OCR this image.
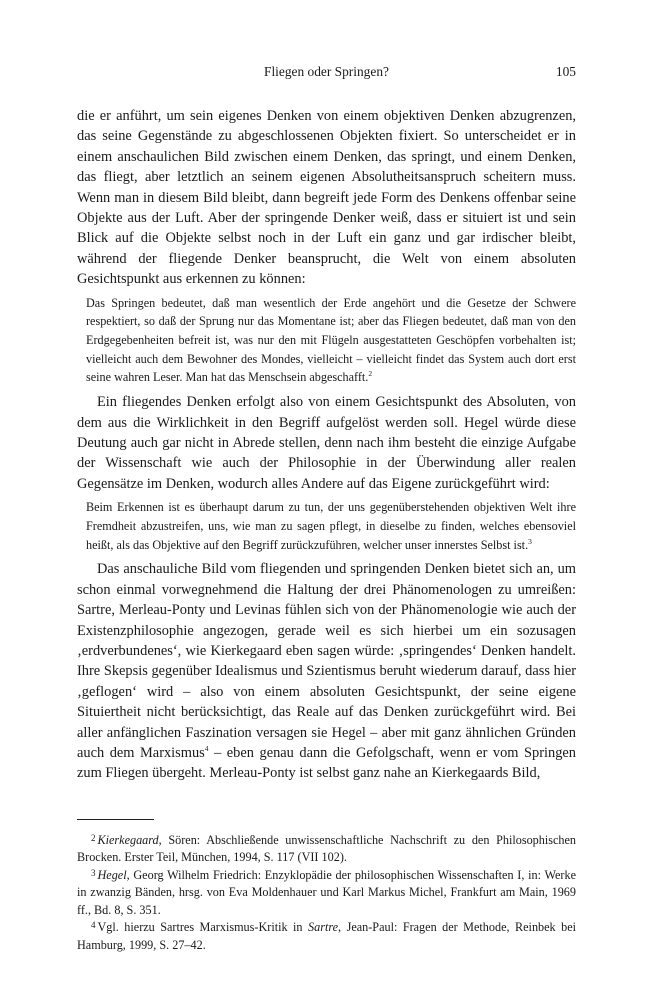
Fliegen oder Springen?	105

die er anführt, um sein eigenes Denken von einem objektiven Denken abzugrenzen, das seine Gegenstände zu abgeschlossenen Objekten fixiert. So unterscheidet er in einem anschaulichen Bild zwischen einem Denken, das springt, und einem Denken, das fliegt, aber letztlich an seinem eigenen Absolutheitsanspruch scheitern muss. Wenn man in diesem Bild bleibt, dann begreift jede Form des Denkens offenbar seine Objekte aus der Luft. Aber der springende Denker weiß, dass er situiert ist und sein Blick auf die Objekte selbst noch in der Luft ein ganz und gar irdischer bleibt, während der fliegende Denker beansprucht, die Welt von einem absoluten Gesichtspunkt aus erkennen zu können:

Das Springen bedeutet, daß man wesentlich der Erde angehört und die Gesetze der Schwere respektiert, so daß der Sprung nur das Momentane ist; aber das Fliegen bedeutet, daß man von den Erdgegebenheiten befreit ist, was nur den mit Flügeln ausgestatteten Geschöpfen vorbehalten ist; vielleicht auch dem Bewohner des Mondes, vielleicht – vielleicht findet das System auch dort erst seine wahren Leser. Man hat das Menschsein abgeschafft.$^2$

Ein fliegendes Denken erfolgt also von einem Gesichtspunkt des Absoluten, von dem aus die Wirklichkeit in den Begriff aufgelöst werden soll. Hegel würde diese Deutung auch gar nicht in Abrede stellen, denn nach ihm besteht die einzige Aufgabe der Wissenschaft wie auch der Philosophie in der Überwindung aller realen Gegensätze im Denken, wodurch alles Andere auf das Eigene zurückgeführt wird:

Beim Erkennen ist es überhaupt darum zu tun, der uns gegenüberstehenden objektiven Welt ihre Fremdheit abzustreifen, uns, wie man zu sagen pflegt, in dieselbe zu finden, welches ebensoviel heißt, als das Objektive auf den Begriff zurückzuführen, welcher unser innerstes Selbst ist.$^3$

Das anschauliche Bild vom fliegenden und springenden Denken bietet sich an, um schon einmal vorwegnehmend die Haltung der drei Phänomenologen zu umreißen: Sartre, Merleau-Ponty und Levinas fühlen sich von der Phänomenologie wie auch der Existenzphilosophie angezogen, gerade weil es sich hierbei um ein sozusagen ‚erdverbundenes‘, wie Kierkegaard eben sagen würde: ‚springendes‘ Denken handelt. Ihre Skepsis gegenüber Idealismus und Szientismus beruht wiederum darauf, dass hier ‚geflogen‘ wird – also von einem absoluten Gesichtspunkt, der seine eigene Situiertheit nicht berücksichtigt, das Reale auf das Denken zurückgeführt wird. Bei aller anfänglichen Faszination versagen sie Hegel – aber mit ganz ähnlichen Gründen auch dem Marxismus$^4$ – eben genau dann die Gefolgschaft, wenn er vom Springen zum Fliegen übergeht. Merleau-Ponty ist selbst ganz nahe an Kierkegaards Bild,

$^2$ Kierkegaard, Sören: Abschließende unwissenschaftliche Nachschrift zu den Philosophischen Brocken. Erster Teil, München, 1994, S. 117 (VII 102).

$^3$ Hegel, Georg Wilhelm Friedrich: Enzyklopädie der philosophischen Wissenschaften I, in: Werke in zwanzig Bänden, hrsg. von Eva Moldenhauer und Karl Markus Michel, Frankfurt am Main, 1969 ff., Bd. 8, S. 351.

$^4$ Vgl. hierzu Sartres Marxismus-Kritik in Sartre, Jean-Paul: Fragen der Methode, Reinbek bei Hamburg, 1999, S. 27–42.
